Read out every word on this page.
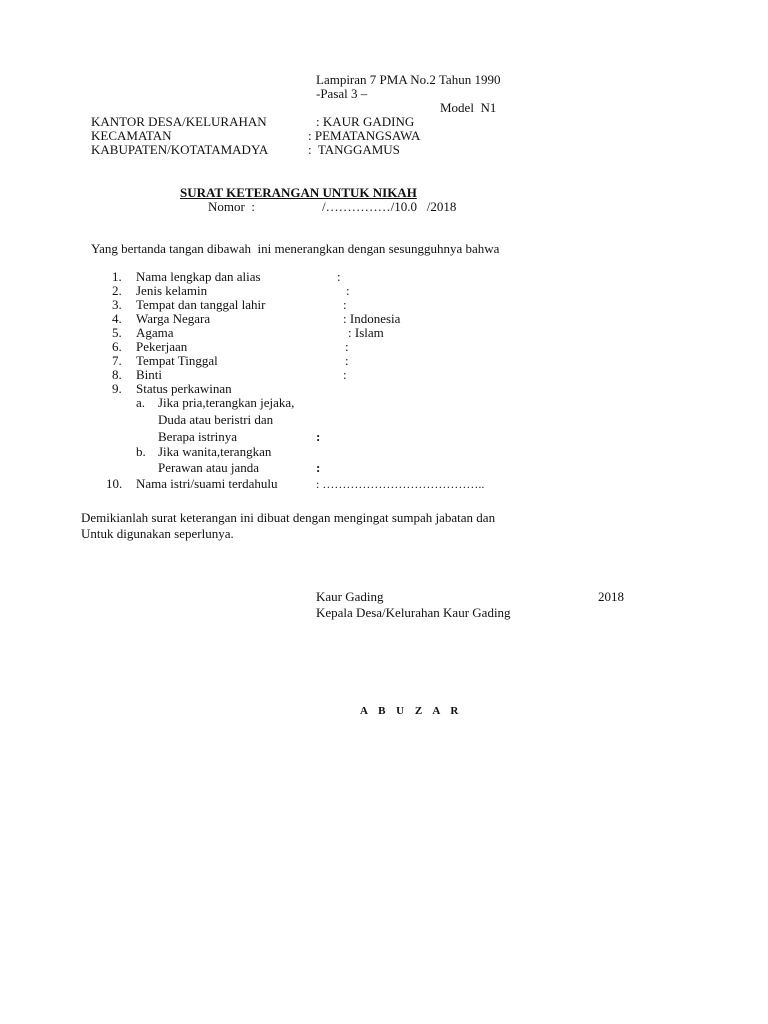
Lampiran 7 PMA No.2 Tahun 1990
-Pasal 3 –
Model  N1
KANTOR DESA/KELURAHAN	: KAUR GADING
KECAMATAN	: PEMATANGSAWA
KABUPATEN/KOTATAMADYA	:  TANGGAMUS
SURAT KETERANGAN UNTUK NIKAH
Nomor  :	/……………/10.0   /2018
Yang bertanda tangan dibawah  ini menerangkan dengan sesungguhnya bahwa
1. Nama lengkap dan alias	:
2. Jenis kelamin	:
3. Tempat dan tanggal lahir	:
4. Warga Negara	: Indonesia
5. Agama	: Islam
6. Pekerjaan	:
7. Tempat Tinggal	:
8. Binti	:
9. Status perkawinan
a. Jika pria,terangkan jejaka,
Duda atau beristri dan
Berapa istrinya	:
b. Jika wanita,terangkan
Perawan atau janda	:
10. Nama istri/suami terdahulu	: …………………………………..
Demikianlah surat keterangan ini dibuat dengan mengingat sumpah jabatan dan
Untuk digunakan seperlunya.
Kaur Gading	2018
Kepala Desa/Kelurahan Kaur Gading
A B U Z A R
